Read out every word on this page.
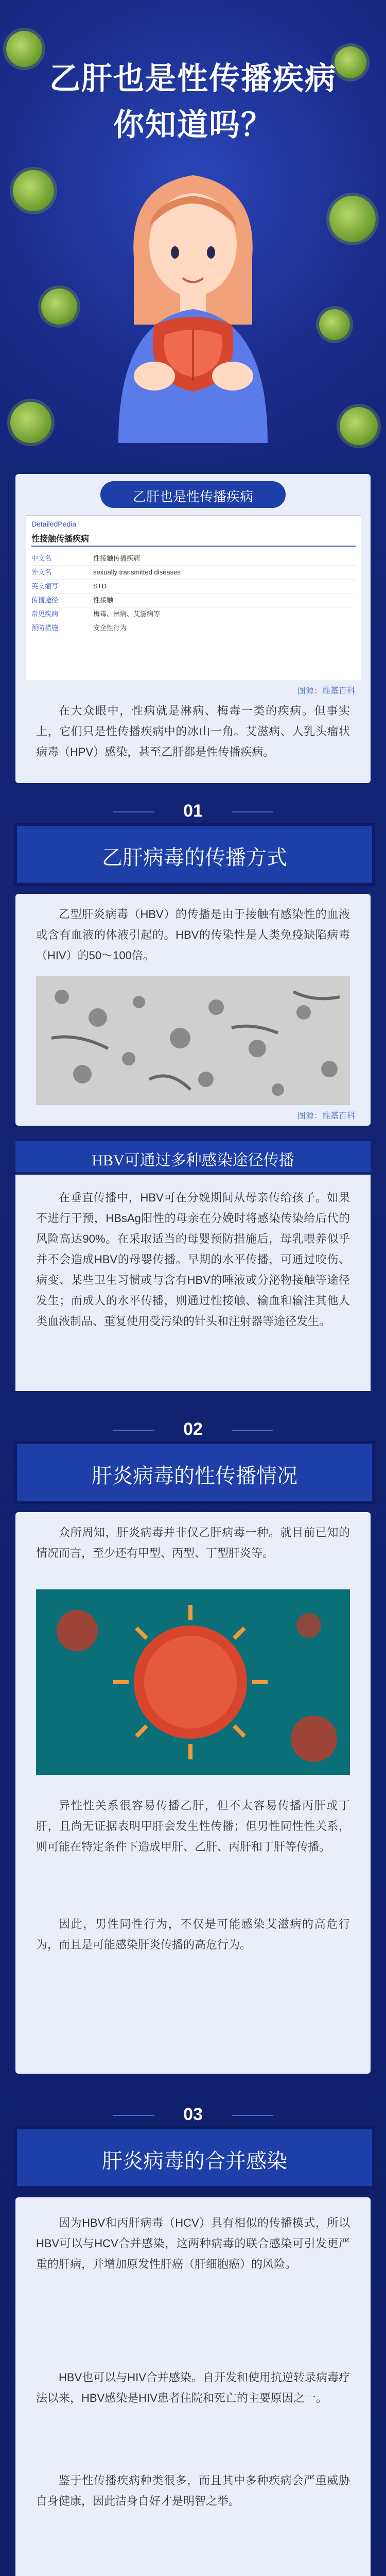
乙肝也是性传播疾病
你知道吗？
乙肝也是性传播疾病
DetailedPedia
性接触传播疾病
中文名	性接触传播疾病
外文名	sexually transmitted diseases
英文缩写	STD
传播途径	性接触
常见疾病	梅毒、淋病、艾滋病等
预防措施	安全性行为
图源：维基百科
在大众眼中，性病就是淋病、梅毒一类的疾病。但事实上，它们只是性传播疾病中的冰山一角。艾滋病、人乳头瘤状病毒（HPV）感染，甚至乙肝都是性传播疾病。
01
乙肝病毒的传播方式
乙型肝炎病毒（HBV）的传播是由于接触有感染性的血液或含有血液的体液引起的。HBV的传染性是人类免疫缺陷病毒（HIV）的50～100倍。
图源：维基百科
HBV可通过多种感染途径传播
在垂直传播中，HBV可在分娩期间从母亲传给孩子。如果不进行干预，HBsAg阳性的母亲在分娩时将感染传染给后代的风险高达90%。在采取适当的母婴预防措施后，母乳喂养似乎并不会造成HBV的母婴传播。早期的水平传播，可通过咬伤、病变、某些卫生习惯或与含有HBV的唾液或分泌物接触等途径发生；而成人的水平传播，则通过性接触、输血和输注其他人类血液制品、重复使用受污染的针头和注射器等途径发生。
02
肝炎病毒的性传播情况
众所周知，肝炎病毒并非仅乙肝病毒一种。就目前已知的情况而言，至少还有甲型、丙型、丁型肝炎等。
异性性关系很容易传播乙肝，但不太容易传播丙肝或丁肝，且尚无证据表明甲肝会发生性传播；但男性同性性关系，则可能在特定条件下造成甲肝、乙肝、丙肝和丁肝等传播。
因此，男性同性行为，不仅是可能感染艾滋病的高危行为，而且是可能感染肝炎传播的高危行为。
03
肝炎病毒的合并感染
因为HBV和丙肝病毒（HCV）具有相似的传播模式，所以HBV可以与HCV合并感染，这两种病毒的联合感染可引发更严重的肝病，并增加原发性肝癌（肝细胞癌）的风险。
HBV也可以与HIV合并感染。自开发和使用抗逆转录病毒疗法以来，HBV感染是HIV患者住院和死亡的主要原因之一。
鉴于性传播疾病种类很多，而且其中多种疾病会严重威胁自身健康，因此洁身自好才是明智之举。
